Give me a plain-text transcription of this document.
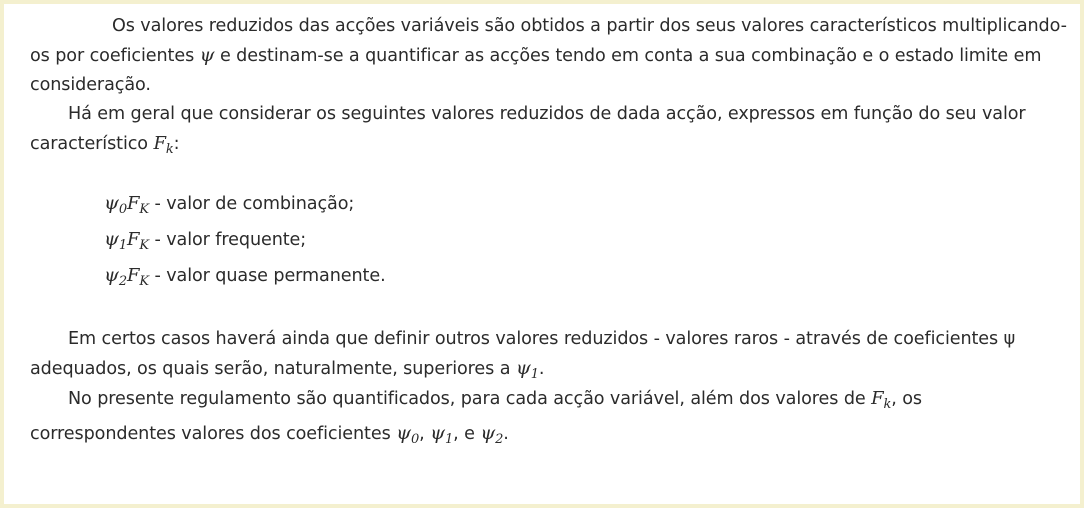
Os valores reduzidos das acções variáveis são obtidos a partir dos seus valores característicos multiplicando-os por coeficientes ψ e destinam-se a quantificar as acções tendo em conta a sua combinação e o estado limite em consideração.

Há em geral que considerar os seguintes valores reduzidos de dada acção, expressos em função do seu valor característico $F_k$:

$\psi_0F_K$ - valor de combinação;
$\psi_1F_K$ - valor frequente;
$\psi_2F_K$ - valor quase permanente.

Em certos casos haverá ainda que definir outros valores reduzidos - valores raros - através de coeficientes ψ adequados, os quais serão, naturalmente, superiores a $\psi_1$.

No presente regulamento são quantificados, para cada acção variável, além dos valores de $F_k$, os correspondentes valores dos coeficientes $\psi_0$, $\psi_1$, e $\psi_2$.
